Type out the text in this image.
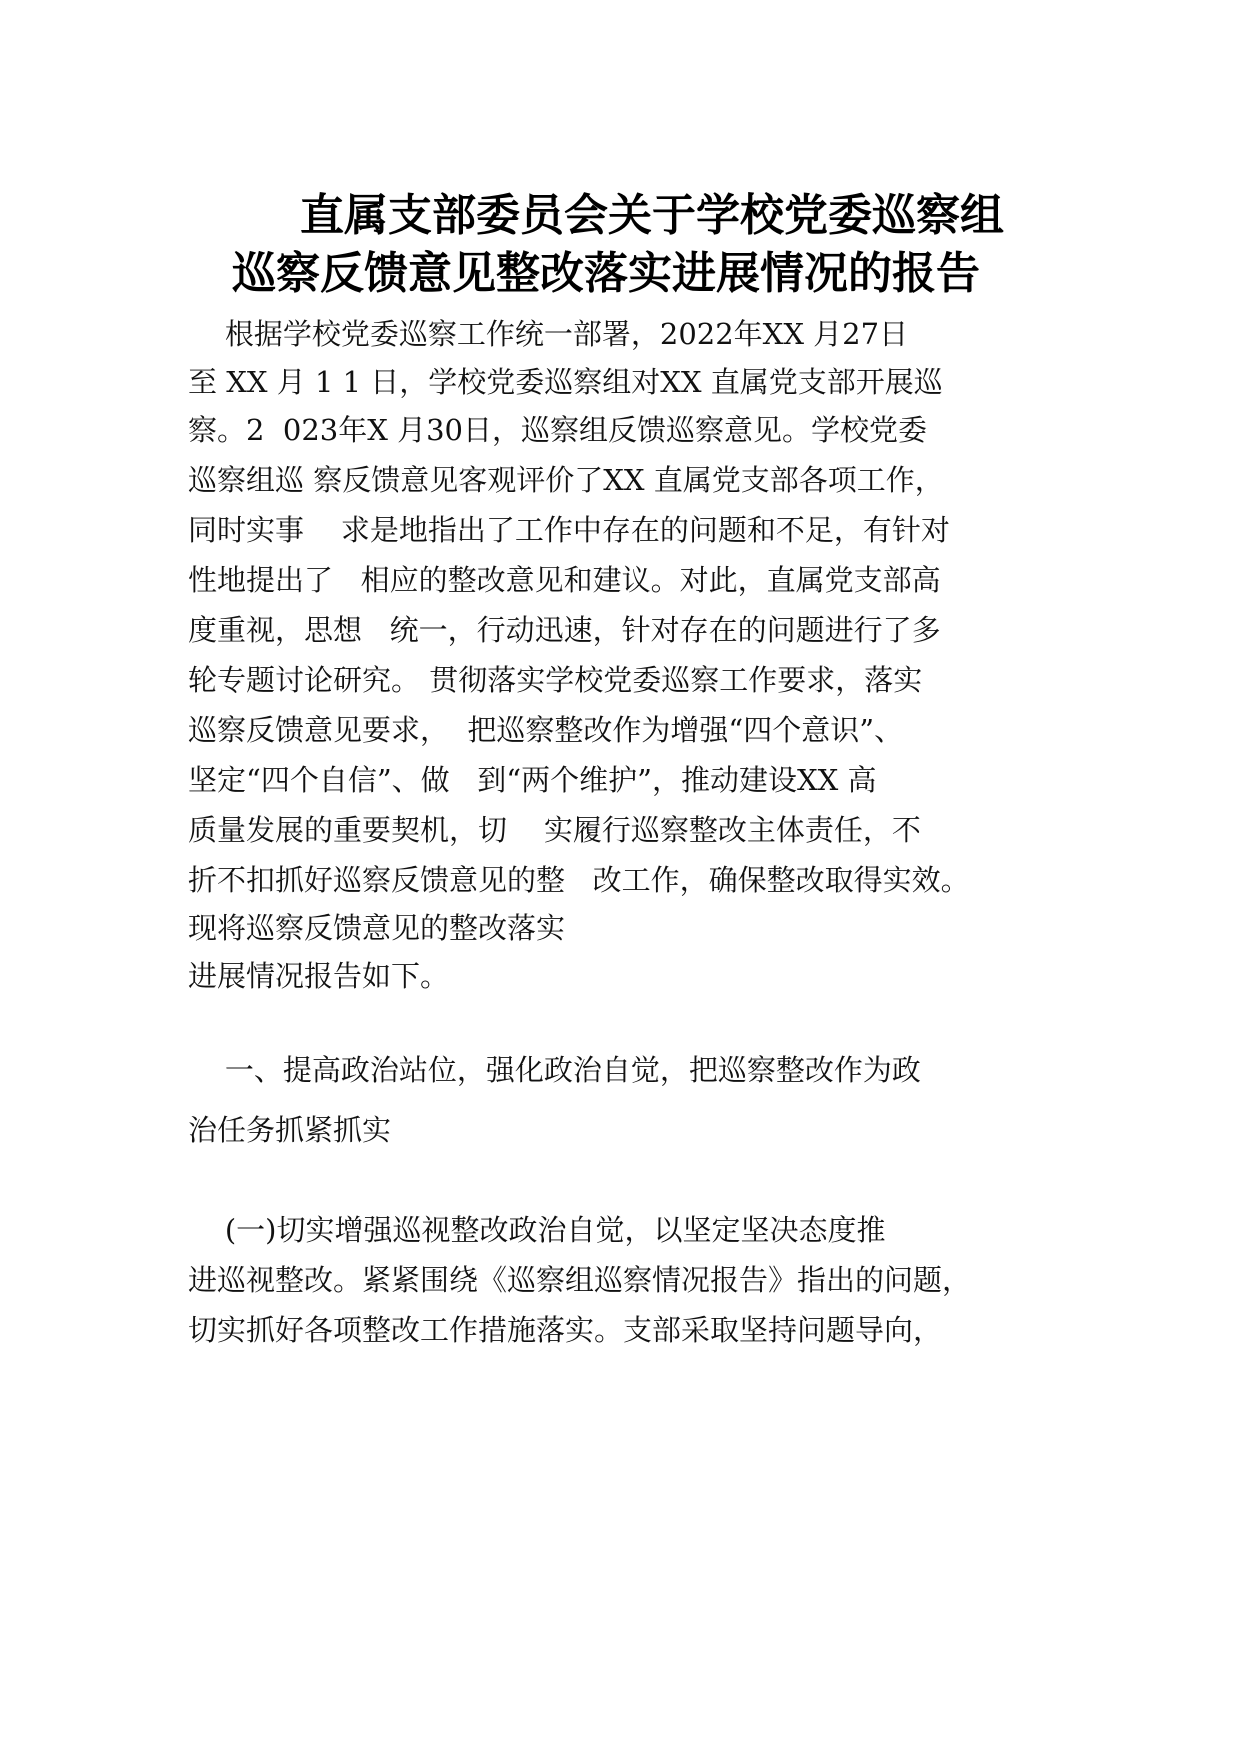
直属支部委员会关于学校党委巡察组
巡察反馈意见整改落实进展情况的报告
根据学校党委巡察工作统一部署，2022年XX 月27日
至 XX 月 1 1 日，学校党委巡察组对XX 直属党支部开展巡
察。2  023年X 月30日，巡察组反馈巡察意见。学校党委
巡察组巡 察反馈意见客观评价了XX 直属党支部各项工作，
同时实事    求是地指出了工作中存在的问题和不足，有针对
性地提出了   相应的整改意见和建议。对此，直属党支部高
度重视，思想   统一，行动迅速，针对存在的问题进行了多
轮专题讨论研究。 贯彻落实学校党委巡察工作要求，落实
巡察反馈意见要求，  把巡察整改作为增强“四个意识”、
坚定“四个自信”、做   到“两个维护”，推动建设XX 高
质量发展的重要契机，切    实履行巡察整改主体责任，不
折不扣抓好巡察反馈意见的整   改工作，确保整改取得实效。
现将巡察反馈意见的整改落实
进展情况报告如下。
一、提高政治站位，强化政治自觉，把巡察整改作为政
治任务抓紧抓实
(一)切实增强巡视整改政治自觉，以坚定坚决态度推
进巡视整改。紧紧围绕《巡察组巡察情况报告》指出的问题，
切实抓好各项整改工作措施落实。支部采取坚持问题导向，
